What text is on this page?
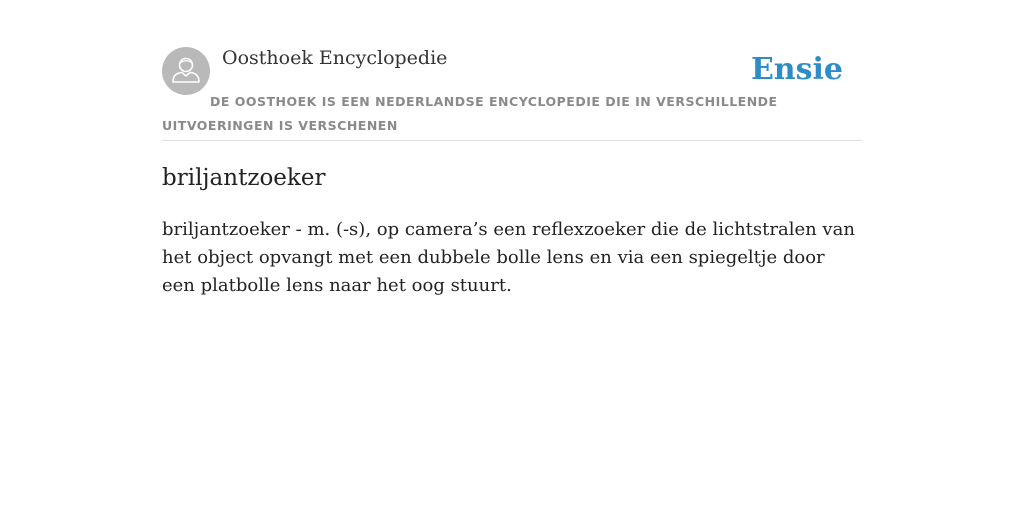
Oosthoek Encyclopedie	Ensie

DE OOSTHOEK IS EEN NEDERLANDSE ENCYCLOPEDIE DIE IN VERSCHILLENDE UITVOERINGEN IS VERSCHENEN

briljantzoeker

briljantzoeker - m. (-s), op camera’s een reflexzoeker die de lichtstralen van het object opvangt met een dubbele bolle lens en via een spiegeltje door een platbolle lens naar het oog stuurt.
